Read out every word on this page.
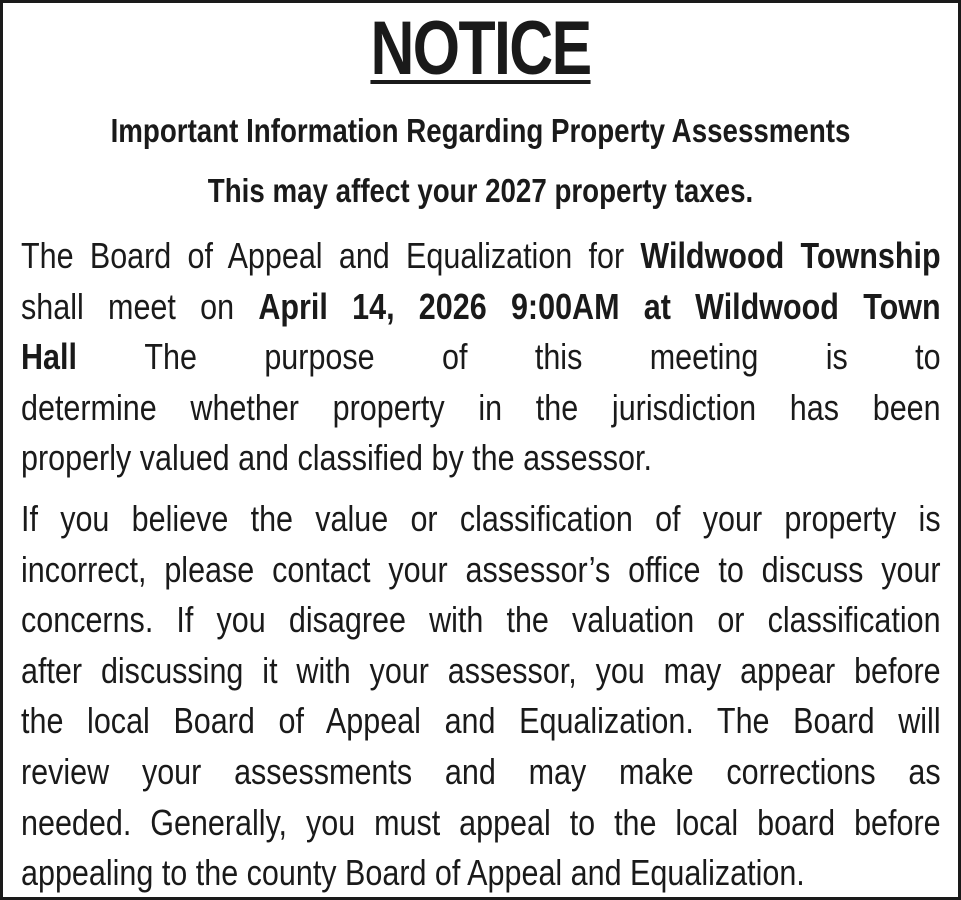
NOTICE

Important Information Regarding Property Assessments

This may affect your 2027 property taxes.

The Board of Appeal and Equalization for Wildwood Township
shall meet on April 14, 2026 9:00AM at Wildwood Town
Hall The purpose of this meeting is to
determine whether property in the jurisdiction has been
properly valued and classified by the assessor.

If you believe the value or classification of your property is
incorrect, please contact your assessor’s office to discuss your
concerns. If you disagree with the valuation or classification
after discussing it with your assessor, you may appear before
the local Board of Appeal and Equalization. The Board will
review your assessments and may make corrections as
needed. Generally, you must appeal to the local board before
appealing to the county Board of Appeal and Equalization.
